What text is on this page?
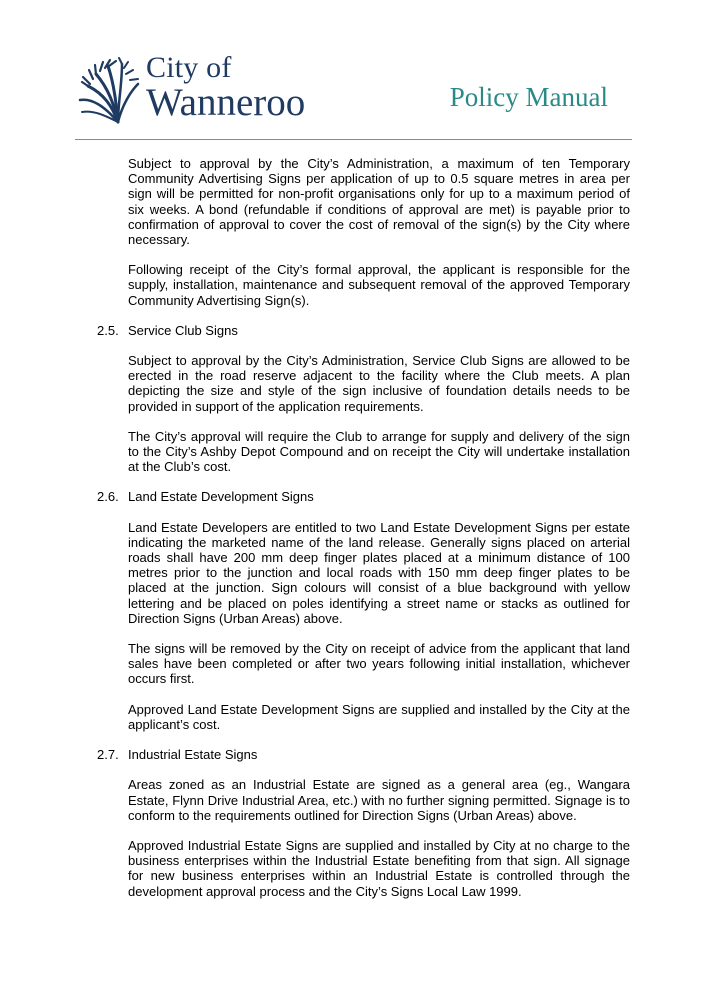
City of
Wanneroo	Policy Manual

Subject to approval by the City’s Administration, a maximum of ten Temporary Community Advertising Signs per application of up to 0.5 square metres in area per sign will be permitted for non-profit organisations only for up to a maximum period of six weeks. A bond (refundable if conditions of approval are met) is payable prior to confirmation of approval to cover the cost of removal of the sign(s) by the City where necessary.

Following receipt of the City’s formal approval, the applicant is responsible for the supply, installation, maintenance and subsequent removal of the approved Temporary Community Advertising Sign(s).

2.5. Service Club Signs

Subject to approval by the City’s Administration, Service Club Signs are allowed to be erected in the road reserve adjacent to the facility where the Club meets. A plan depicting the size and style of the sign inclusive of foundation details needs to be provided in support of the application requirements.

The City’s approval will require the Club to arrange for supply and delivery of the sign to the City’s Ashby Depot Compound and on receipt the City will undertake installation at the Club’s cost.

2.6. Land Estate Development Signs

Land Estate Developers are entitled to two Land Estate Development Signs per estate indicating the marketed name of the land release. Generally signs placed on arterial roads shall have 200 mm deep finger plates placed at a minimum distance of 100 metres prior to the junction and local roads with 150 mm deep finger plates to be placed at the junction. Sign colours will consist of a blue background with yellow lettering and be placed on poles identifying a street name or stacks as outlined for Direction Signs (Urban Areas) above.

The signs will be removed by the City on receipt of advice from the applicant that land sales have been completed or after two years following initial installation, whichever occurs first.

Approved Land Estate Development Signs are supplied and installed by the City at the applicant’s cost.

2.7. Industrial Estate Signs

Areas zoned as an Industrial Estate are signed as a general area (eg., Wangara Estate, Flynn Drive Industrial Area, etc.) with no further signing permitted. Signage is to conform to the requirements outlined for Direction Signs (Urban Areas) above.

Approved Industrial Estate Signs are supplied and installed by City at no charge to the business enterprises within the Industrial Estate benefiting from that sign. All signage for new business enterprises within an Industrial Estate is controlled through the development approval process and the City’s Signs Local Law 1999.
